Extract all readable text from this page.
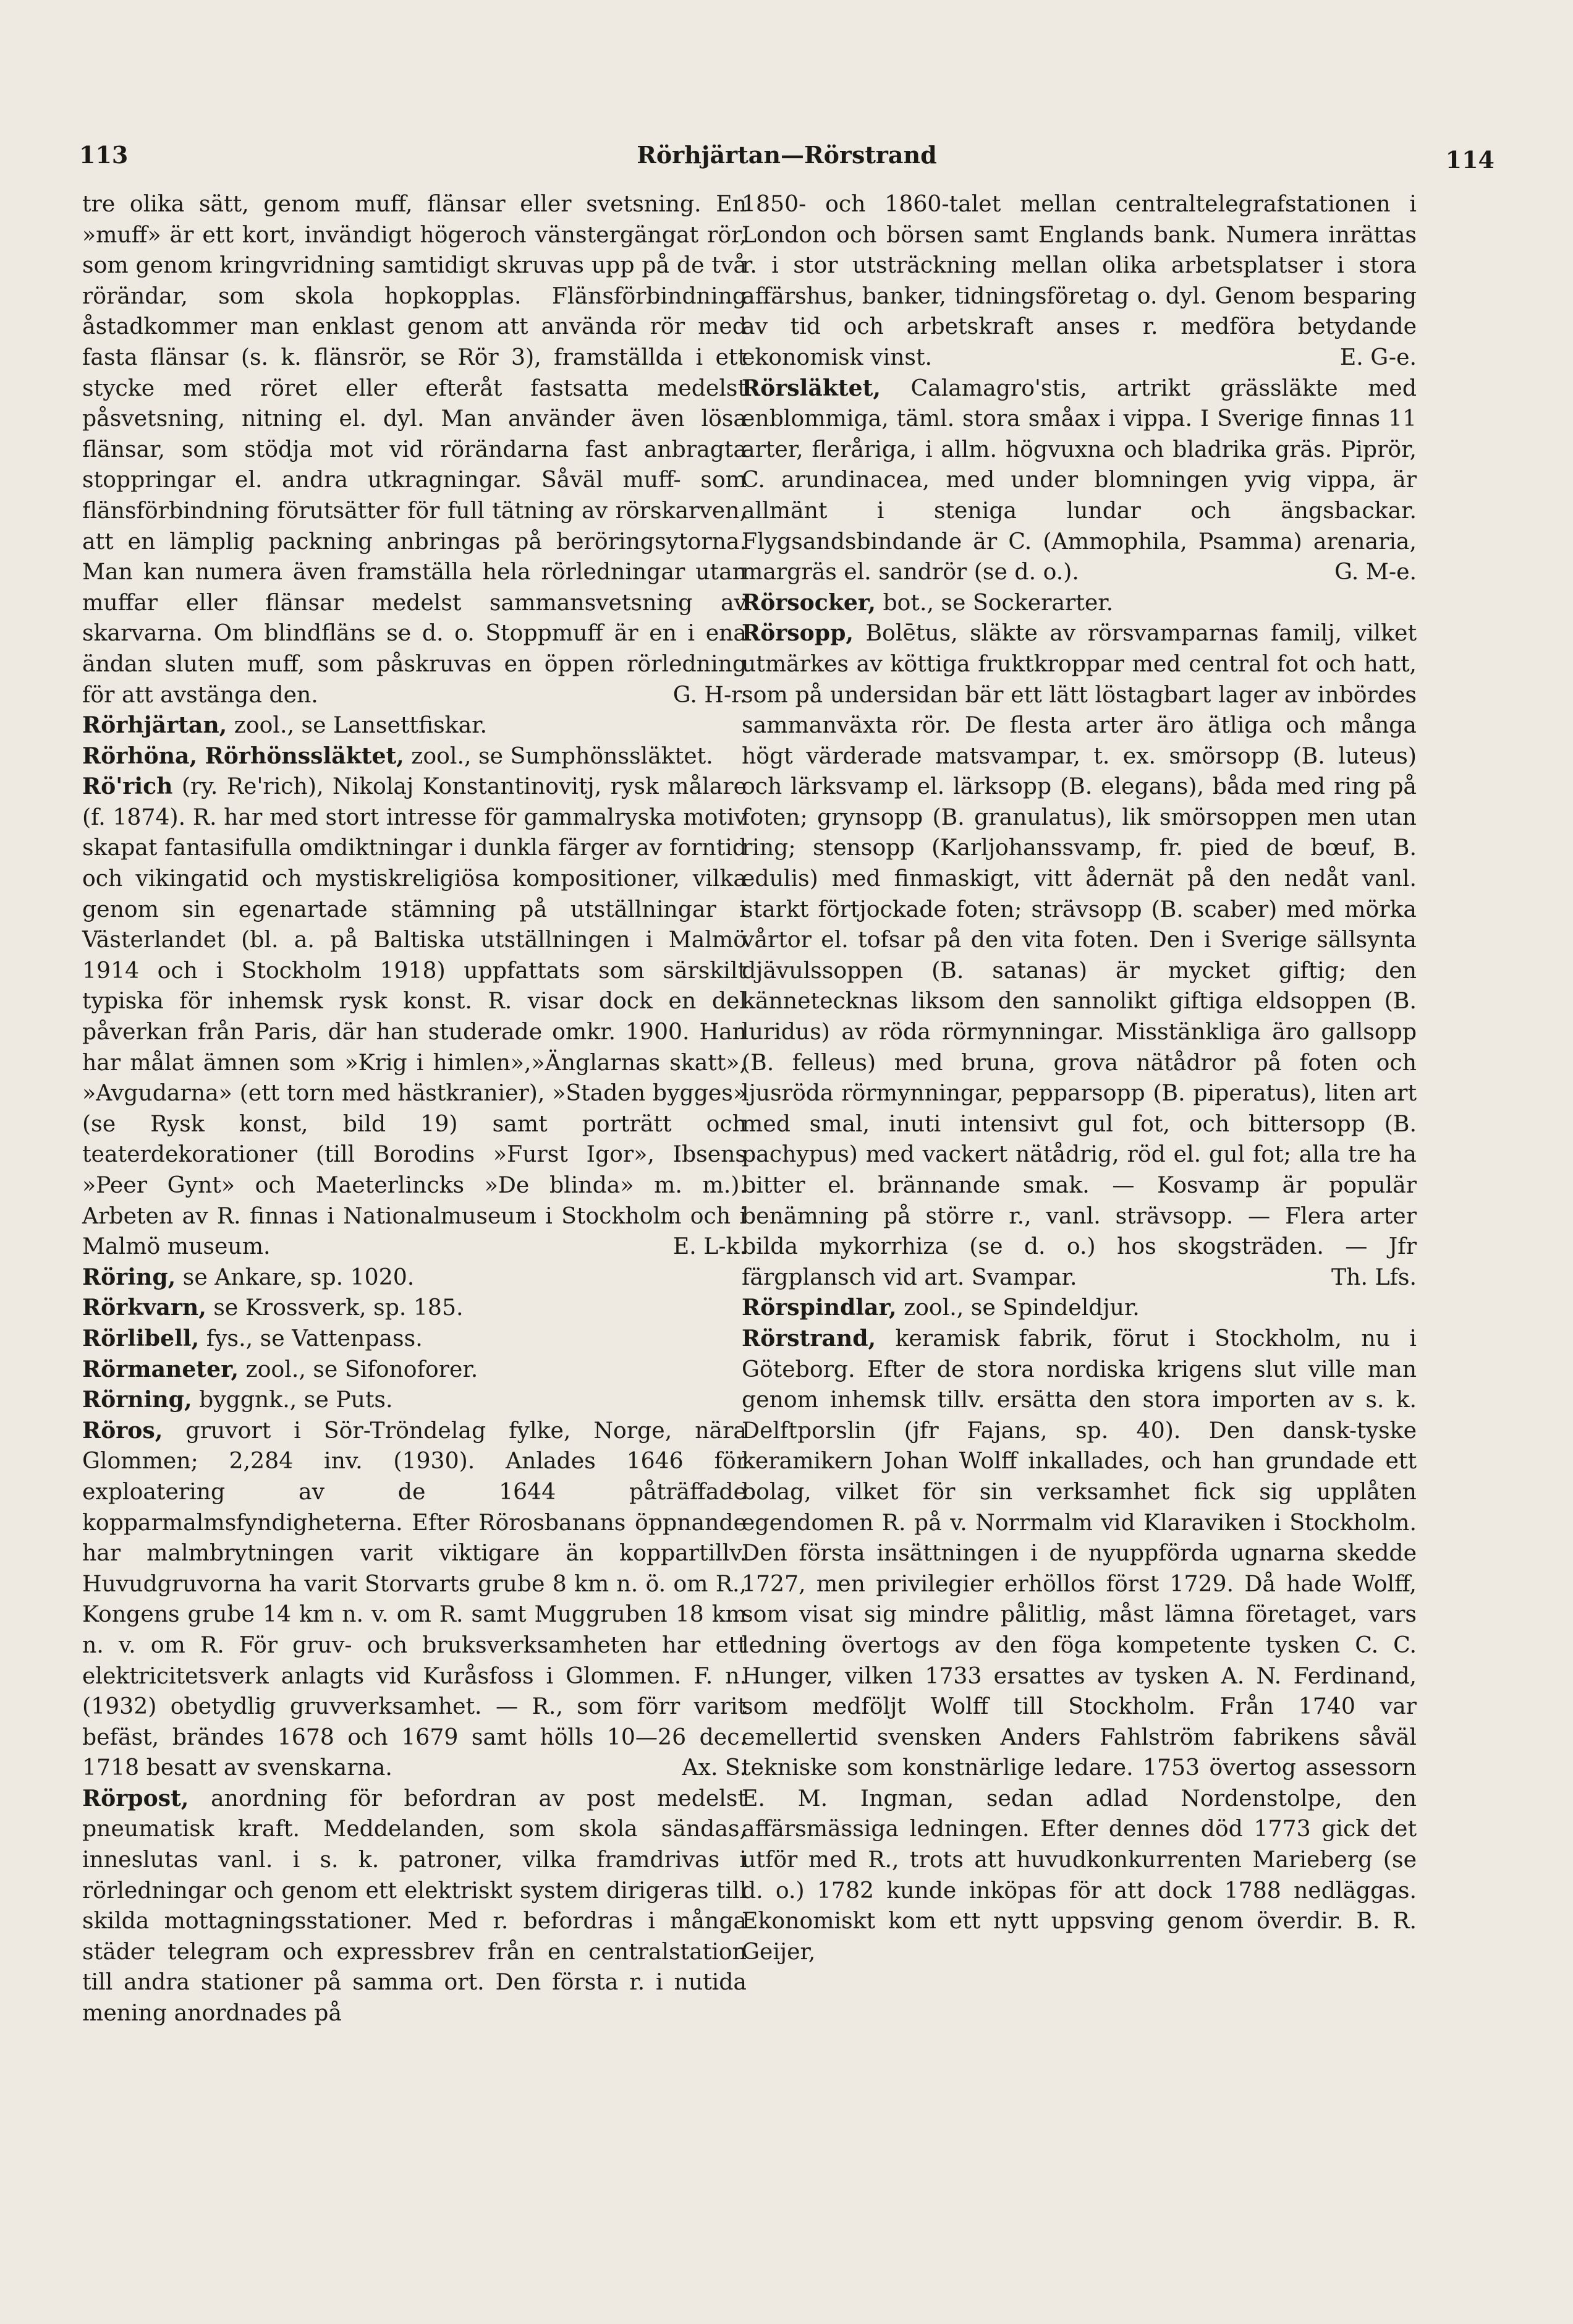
113	Rörhjärtan—Rörstrand	114

tre olika sätt, genom muff, flänsar eller svetsning. En »muff» är ett kort, invändigt högeroch vänstergängat rör, som genom kringvridning samtidigt skruvas upp på de två rörändar, som skola hopkopplas. Flänsförbindning åstadkommer man enklast genom att använda rör med fasta flänsar (s. k. flänsrör, se Rör 3), framställda i ett stycke med röret eller efteråt fastsatta medelst påsvetsning, nitning el. dyl. Man använder även lösa flänsar, som stödja mot vid rörändarna fast anbragta stoppringar el. andra utkragningar. Såväl muff- som flänsförbindning förutsätter för full tätning av rörskarven, att en lämplig packning anbringas på beröringsytorna. Man kan numera även framställa hela rörledningar utan muffar eller flänsar medelst sammansvetsning av skarvarna. Om blindfläns se d. o. Stoppmuff är en i ena ändan sluten muff, som påskruvas en öppen rörledning för att avstänga den.	G. H-r.

Rörhjärtan, zool., se Lansettfiskar.

Rörhöna, Rörhönssläktet, zool., se Sumphönssläktet.

Rö'rich (ry. Re'rich), Nikolaj Konstantinovitj, rysk målare (f. 1874). R. har med stort intresse för gammalryska motiv skapat fantasifulla omdiktningar i dunkla färger av forntid och vikingatid och mystiskreligiösa kompositioner, vilka genom sin egenartade stämning på utställningar i Västerlandet (bl. a. på Baltiska utställningen i Malmö 1914 och i Stockholm 1918) uppfattats som särskilt typiska för inhemsk rysk konst. R. visar dock en del påverkan från Paris, där han studerade omkr. 1900. Han har målat ämnen som »Krig i himlen»,»Änglarnas skatt», »Avgudarna» (ett torn med hästkranier), »Staden bygges» (se Rysk konst, bild 19) samt porträtt och teaterdekorationer (till Borodins »Furst Igor», Ibsens »Peer Gynt» och Maeterlincks »De blinda» m. m.). Arbeten av R. finnas i Nationalmuseum i Stockholm och i Malmö museum.	E. L-k.

Röring, se Ankare, sp. 1020.

Rörkvarn, se Krossverk, sp. 185.

Rörlibell, fys., se Vattenpass.

Rörmaneter, zool., se Sifonoforer.

Rörning, byggnk., se Puts.

Röros, gruvort i Sör-Tröndelag fylke, Norge, nära Glommen; 2,284 inv. (1930). Anlades 1646 för exploatering av de 1644 påträffade kopparmalmsfyndigheterna. Efter Rörosbanans öppnande har malmbrytningen varit viktigare än koppartillv. Huvudgruvorna ha varit Storvarts grube 8 km n. ö. om R., Kongens grube 14 km n. v. om R. samt Muggruben 18 km n. v. om R. För gruv- och bruksverksamheten har ett elektricitetsverk anlagts vid Kuråsfoss i Glommen. F. n. (1932) obetydlig gruvverksamhet. — R., som förr varit befäst, brändes 1678 och 1679 samt hölls 10—26 dec. 1718 besatt av svenskarna.	Ax. S.

Rörpost, anordning för befordran av post medelst pneumatisk kraft. Meddelanden, som skola sändas, inneslutas vanl. i s. k. patroner, vilka framdrivas i rörledningar och genom ett elektriskt system dirigeras till skilda mottagningsstationer. Med r. befordras i många städer telegram och expressbrev från en centralstation till andra stationer på samma ort. Den första r. i nutida mening anordnades på

1850- och 1860-talet mellan centraltelegrafstationen i London och börsen samt Englands bank. Numera inrättas r. i stor utsträckning mellan olika arbetsplatser i stora affärshus, banker, tidningsföretag o. dyl. Genom besparing av tid och arbetskraft anses r. medföra betydande ekonomisk vinst.	E. G-e.

Rörsläktet, Calamagro'stis, artrikt grässläkte med enblommiga, täml. stora småax i vippa. I Sverige finnas 11 arter, fleråriga, i allm. högvuxna och bladrika gräs. Piprör, C. arundinacea, med under blomningen yvig vippa, är allmänt i steniga lundar och ängsbackar. Flygsandsbindande är C. (Ammophila, Psamma) arenaria, margräs el. sandrör (se d. o.).	G. M-e.

Rörsocker, bot., se Sockerarter.

Rörsopp, Bolētus, släkte av rörsvamparnas familj, vilket utmärkes av köttiga fruktkroppar med central fot och hatt, som på undersidan bär ett lätt löstagbart lager av inbördes sammanväxta rör. De flesta arter äro ätliga och många högt värderade matsvampar, t. ex. smörsopp (B. luteus) och lärksvamp el. lärksopp (B. elegans), båda med ring på foten; grynsopp (B. granulatus), lik smörsoppen men utan ring; stensopp (Karljohanssvamp, fr. pied de bœuf, B. edulis) med finmaskigt, vitt ådernät på den nedåt vanl. starkt förtjockade foten; strävsopp (B. scaber) med mörka vårtor el. tofsar på den vita foten. Den i Sverige sällsynta djävulssoppen (B. satanas) är mycket giftig; den kännetecknas liksom den sannolikt giftiga eldsoppen (B. luridus) av röda rörmynningar. Misstänkliga äro gallsopp (B. felleus) med bruna, grova nätådror på foten och ljusröda rörmynningar, pepparsopp (B. piperatus), liten art med smal, inuti intensivt gul fot, och bittersopp (B. pachypus) med vackert nätådrig, röd el. gul fot; alla tre ha bitter el. brännande smak. — Kosvamp är populär benämning på större r., vanl. strävsopp. — Flera arter bilda mykorrhiza (se d. o.) hos skogsträden. — Jfr färgplansch vid art. Svampar.	Th. Lfs.

Rörspindlar, zool., se Spindeldjur.

Rörstrand, keramisk fabrik, förut i Stockholm, nu i Göteborg. Efter de stora nordiska krigens slut ville man genom inhemsk tillv. ersätta den stora importen av s. k. Delftporslin (jfr Fajans, sp. 40). Den dansk-tyske keramikern Johan Wolff inkallades, och han grundade ett bolag, vilket för sin verksamhet fick sig upplåten egendomen R. på v. Norrmalm vid Klaraviken i Stockholm. Den första insättningen i de nyuppförda ugnarna skedde 1727, men privilegier erhöllos först 1729. Då hade Wolff, som visat sig mindre pålitlig, måst lämna företaget, vars ledning övertogs av den föga kompetente tysken C. C. Hunger, vilken 1733 ersattes av tysken A. N. Ferdinand, som medföljt Wolff till Stockholm. Från 1740 var emellertid svensken Anders Fahlström fabrikens såväl tekniske som konstnärlige ledare. 1753 övertog assessorn E. M. Ingman, sedan adlad Nordenstolpe, den affärsmässiga ledningen. Efter dennes död 1773 gick det utför med R., trots att huvudkonkurrenten Marieberg (se d. o.) 1782 kunde inköpas för att dock 1788 nedläggas. Ekonomiskt kom ett nytt uppsving genom överdir. B. R. Geijer,
